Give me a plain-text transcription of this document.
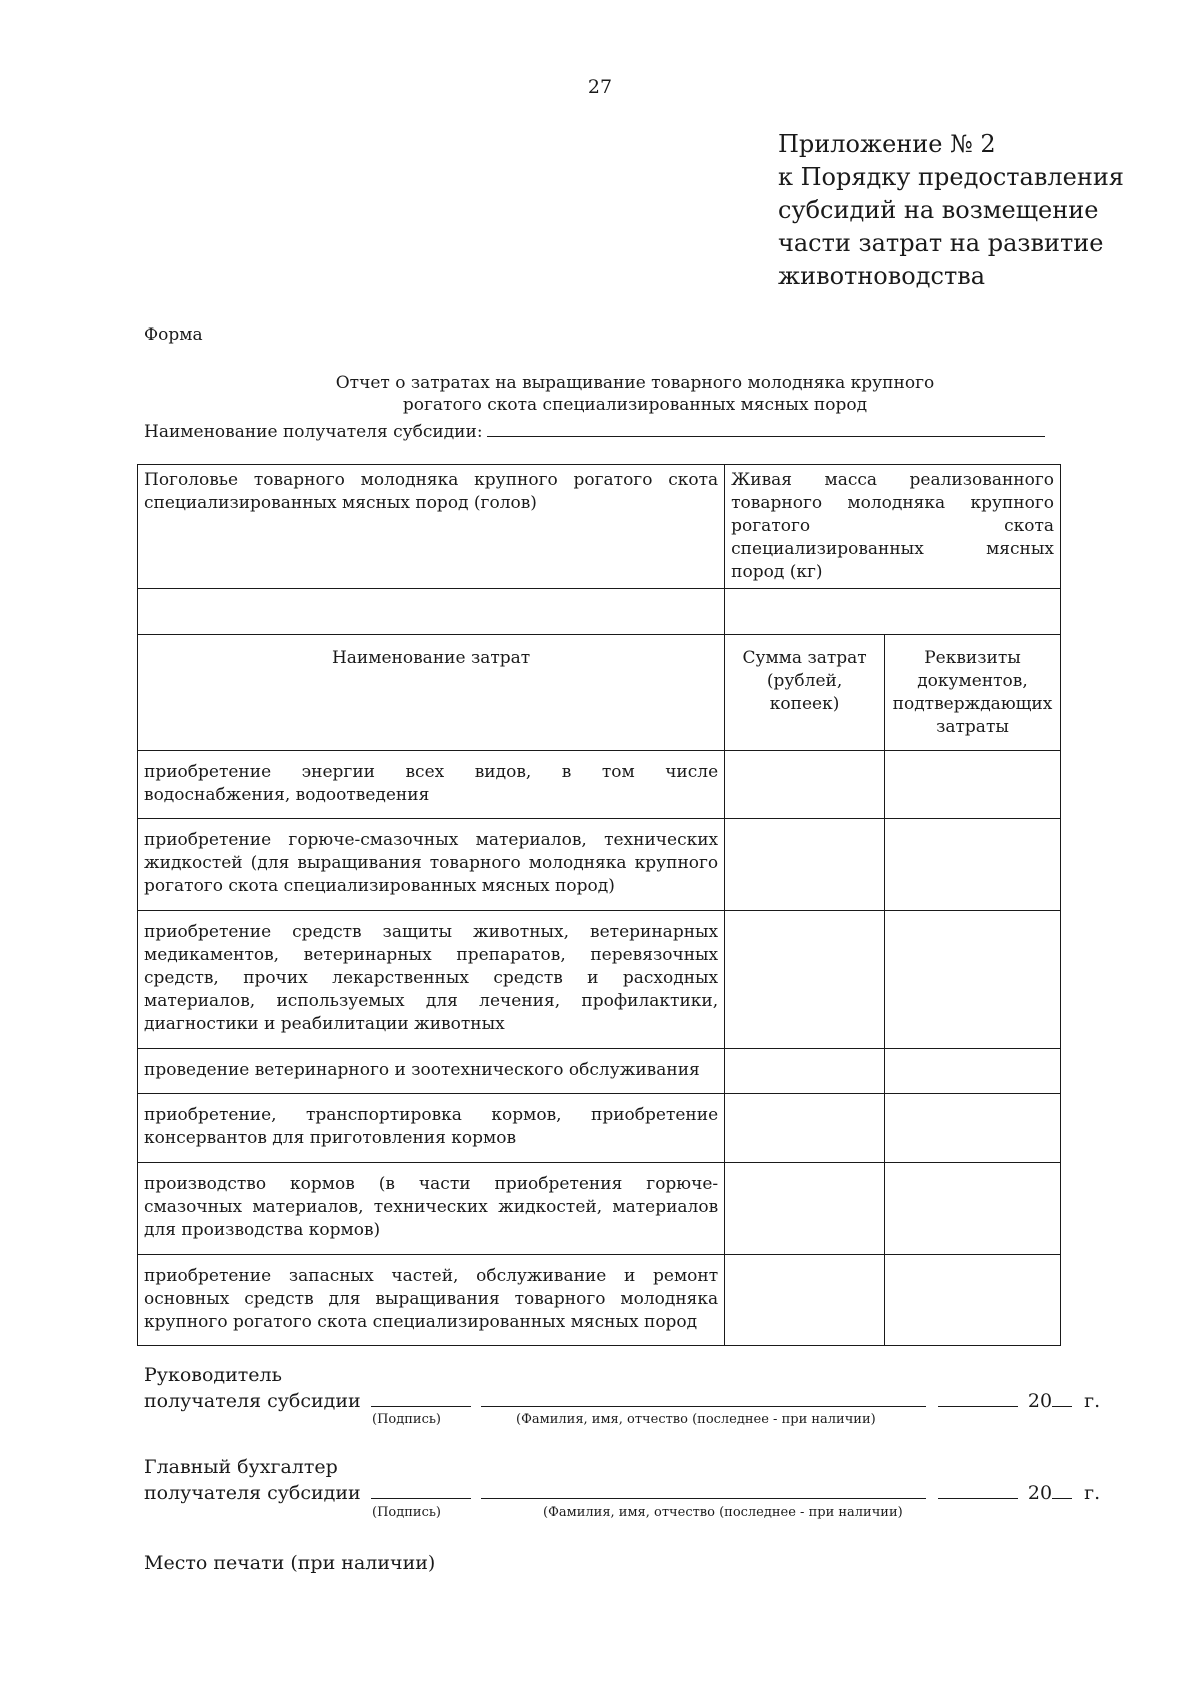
27
Приложение № 2
к Порядку предоставления
субсидий на возмещение
части затрат на развитие
животноводства
Форма
Отчет о затратах на выращивание товарного молодняка крупного
рогатого скота специализированных мясных пород
Наименование получателя субсидии:
Поголовье товарного молодняка крупного рогатого скота специализированных мясных пород (голов)	Живая масса реализованного товарного молодняка крупного рогатого скота специализированных мясных пород (кг)	

Наименование затрат	Сумма затрат (рублей, копеек)	Реквизиты документов, подтверждающих затраты
приобретение энергии всех видов, в том числе водоснабжения, водоотведения		
приобретение горюче-смазочных материалов, технических жидкостей (для выращивания товарного молодняка крупного рогатого скота специализированных мясных пород)		
приобретение средств защиты животных, ветеринарных медикаментов, ветеринарных препаратов, перевязочных средств, прочих лекарственных средств и расходных материалов, используемых для лечения, профилактики, диагностики и реабилитации животных		
проведение ветеринарного и зоотехнического обслуживания		
приобретение, транспортировка кормов, приобретение консервантов для приготовления кормов		
производство кормов (в части приобретения горюче-смазочных материалов, технических жидкостей, материалов для производства кормов)		
приобретение запасных частей, обслуживание и ремонт основных средств для выращивания товарного молодняка крупного рогатого скота специализированных мясных пород		
Руководитель
получателя субсидии	20 г.
(Подпись)	(Фамилия, имя, отчество (последнее - при наличии)
Главный бухгалтер
получателя субсидии	20 г.
(Подпись)	(Фамилия, имя, отчество (последнее - при наличии)
Место печати (при наличии)
